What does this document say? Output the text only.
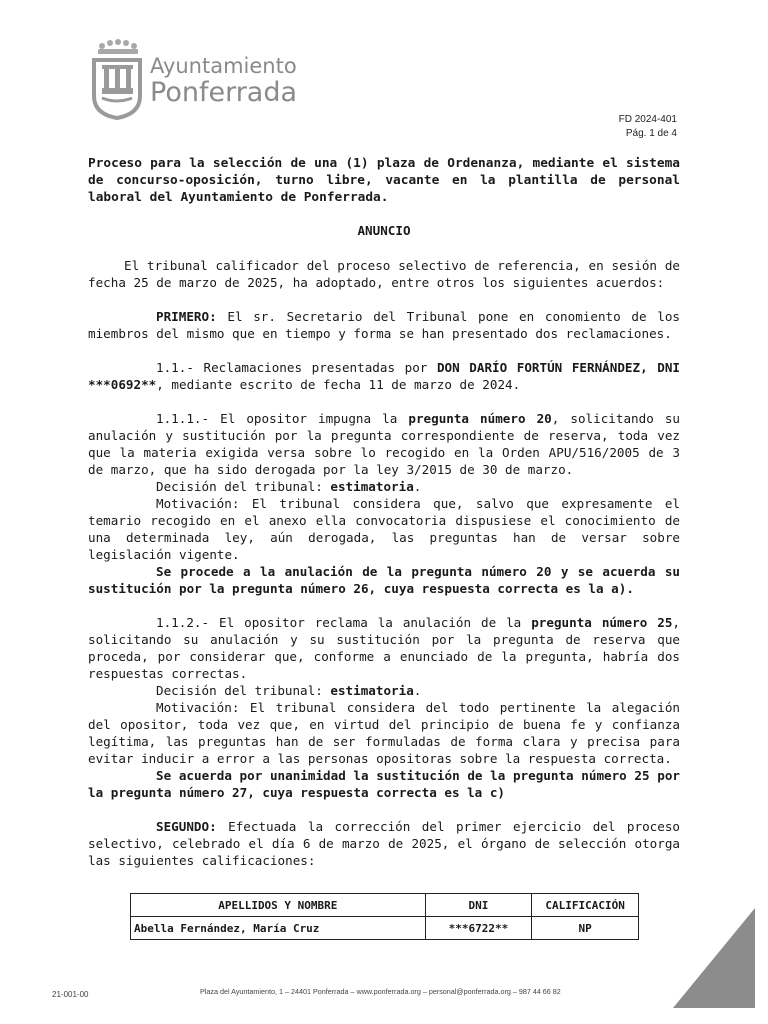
Ayuntamiento
Ponferrada
FD 2024-401
Pág. 1 de 4

Proceso para la selección de una (1) plaza de Ordenanza, mediante el sistema de concurso-oposición, turno libre, vacante en la plantilla de personal laboral del Ayuntamiento de Ponferrada.

ANUNCIO

El tribunal calificador del proceso selectivo de referencia, en sesión de fecha 25 de marzo de 2025, ha adoptado, entre otros los siguientes acuerdos:

PRIMERO: El sr. Secretario del Tribunal pone en conomiento de los miembros del mismo que en tiempo y forma se han presentado dos reclamaciones.

1.1.- Reclamaciones presentadas por DON DARÍO FORTÚN FERNÁNDEZ, DNI ***0692**, mediante escrito de fecha 11 de marzo de 2024.

1.1.1.- El opositor impugna la pregunta número 20, solicitando su anulación y sustitución por la pregunta correspondiente de reserva, toda vez que la materia exigida versa sobre lo recogido en la Orden APU/516/2005 de 3 de marzo, que ha sido derogada por la ley 3/2015 de 30 de marzo.

Decisión del tribunal: estimatoria.

Motivación: El tribunal considera que, salvo que expresamente el temario recogido en el anexo ella convocatoria dispusiese el conocimiento de una determinada ley, aún derogada, las preguntas han de versar sobre legislación vigente.

Se procede a la anulación de la pregunta número 20 y se acuerda su sustitución por la pregunta número 26, cuya respuesta correcta es la a).

1.1.2.- El opositor reclama la anulación de la pregunta número 25, solicitando su anulación y su sustitución por la pregunta de reserva que proceda, por considerar que, conforme a enunciado de la pregunta, habría dos respuestas correctas.

Decisión del tribunal: estimatoria.

Motivación: El tribunal considera del todo pertinente la alegación del opositor, toda vez que, en virtud del principio de buena fe y confianza legítima, las preguntas han de ser formuladas de forma clara y precisa para evitar inducir a error a las personas opositoras sobre la respuesta correcta.

Se acuerda por unanimidad la sustitución de la pregunta número 25 por la pregunta número 27, cuya respuesta correcta es la c)

SEGUNDO: Efectuada la corrección del primer ejercicio del proceso selectivo, celebrado el día 6 de marzo de 2025, el órgano de selección otorga las siguientes calificaciones:

APELLIDOS Y NOMBRE	DNI	CALIFICACIÓN
Abella Fernández, María Cruz	***6722**	NP
21-001-00	Plaza del Ayuntamiento, 1 – 24401 Ponferrada – www.ponferrada.org – personal@ponferrada.org – 987 44 66 82
